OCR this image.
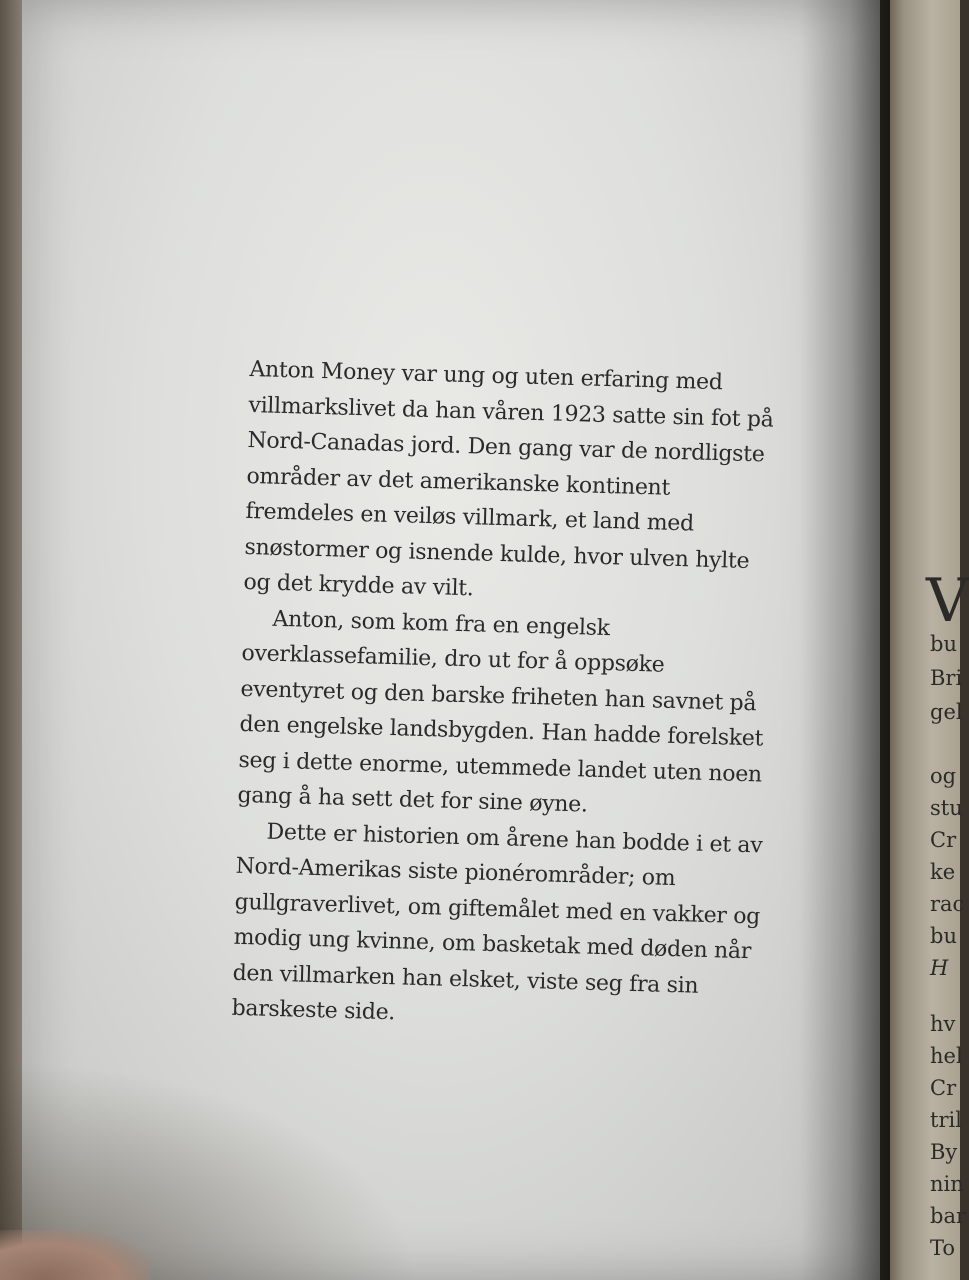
V
bu
Bri
gel
og
stu
Cr
ke
rac
bu
H
hv
hel
Cr
tril
By
nin
bar
To

Anton Money var ung og uten erfaring med
villmarkslivet da han våren 1923 satte sin fot på
Nord-Canadas jord. Den gang var de nordligste
områder av det amerikanske kontinent
fremdeles en veiløs villmark, et land med
snøstormer og isnende kulde, hvor ulven hylte
og det krydde av vilt.

Anton, som kom fra en engelsk
overklassefamilie, dro ut for å oppsøke
eventyret og den barske friheten han savnet på
den engelske landsbygden. Han hadde forelsket
seg i dette enorme, utemmede landet uten noen
gang å ha sett det for sine øyne.

Dette er historien om årene han bodde i et av
Nord-Amerikas siste pionérområder; om
gullgraverlivet, om giftemålet med en vakker og
modig ung kvinne, om basketak med døden når
den villmarken han elsket, viste seg fra sin
barskeste side.
